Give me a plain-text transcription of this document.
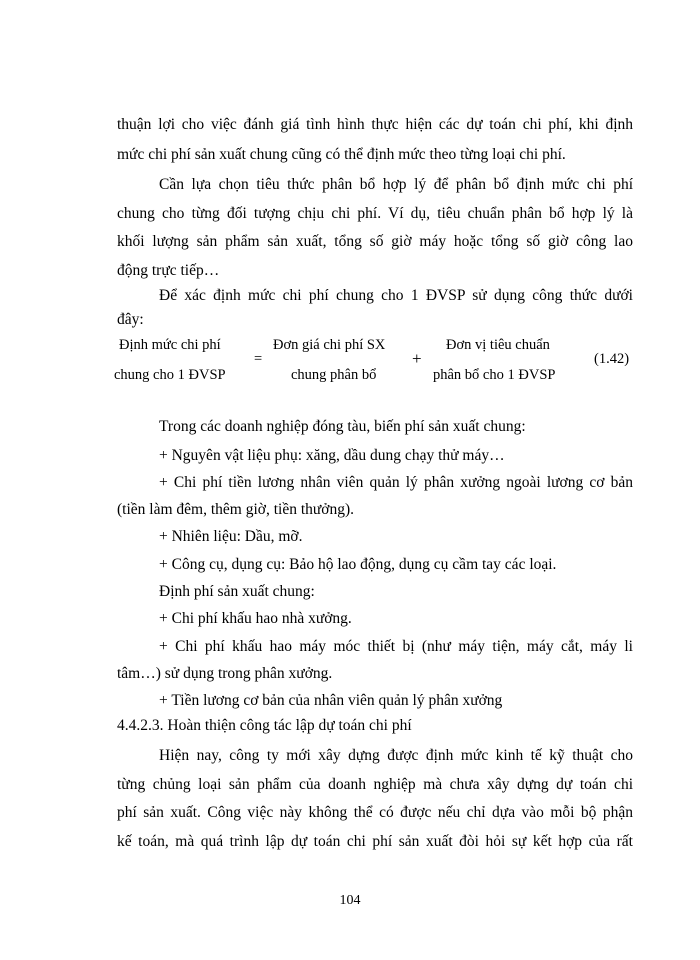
thuận lợi cho việc đánh giá tình hình thực hiện các dự toán chi phí, khi định
mức chi phí sản xuất chung cũng có thể định mức theo từng loại chi phí.
Cần lựa chọn tiêu thức phân bổ hợp lý để phân bổ định mức chi phí
chung cho từng đối tượng chịu chi phí. Ví dụ, tiêu chuẩn phân bổ hợp lý là
khối lượng sản phẩm sản xuất, tổng số giờ máy hoặc tổng số giờ công lao
động trực tiếp…
Để xác định mức chi phí chung cho 1 ĐVSP sử dụng công thức dưới
đây:
Định mức chi phí
chung cho 1 ĐVSP
=
Đơn giá chi phí SX
chung phân bổ
+
Đơn vị tiêu chuẩn
phân bổ cho 1 ĐVSP
(1.42)
Trong các doanh nghiệp đóng tàu, biến phí sản xuất chung:
+ Nguyên vật liệu phụ: xăng, dầu dung chạy thử máy…
+ Chi phí tiền lương nhân viên quản lý phân xưởng ngoài lương cơ bản
(tiền làm đêm, thêm giờ, tiền thưởng).
+ Nhiên liệu: Dầu, mỡ.
+ Công cụ, dụng cụ: Bảo hộ lao động, dụng cụ cầm tay các loại.
Định phí sản xuất chung:
+ Chi phí khấu hao nhà xưởng.
+ Chi phí khấu hao máy móc thiết bị (như máy tiện, máy cắt, máy li
tâm…) sử dụng trong phân xưởng.
+ Tiền lương cơ bản của nhân viên quản lý phân xưởng
4.4.2.3. Hoàn thiện công tác lập dự toán chi phí
Hiện nay, công ty mới xây dựng được định mức kinh tế kỹ thuật cho
từng chủng loại sản phẩm của doanh nghiệp mà chưa xây dựng dự toán chi
phí sản xuất. Công việc này không thể có được nếu chỉ dựa vào mỗi bộ phận
kế toán, mà quá trình lập dự toán chi phí sản xuất đòi hỏi sự kết hợp của rất
104
